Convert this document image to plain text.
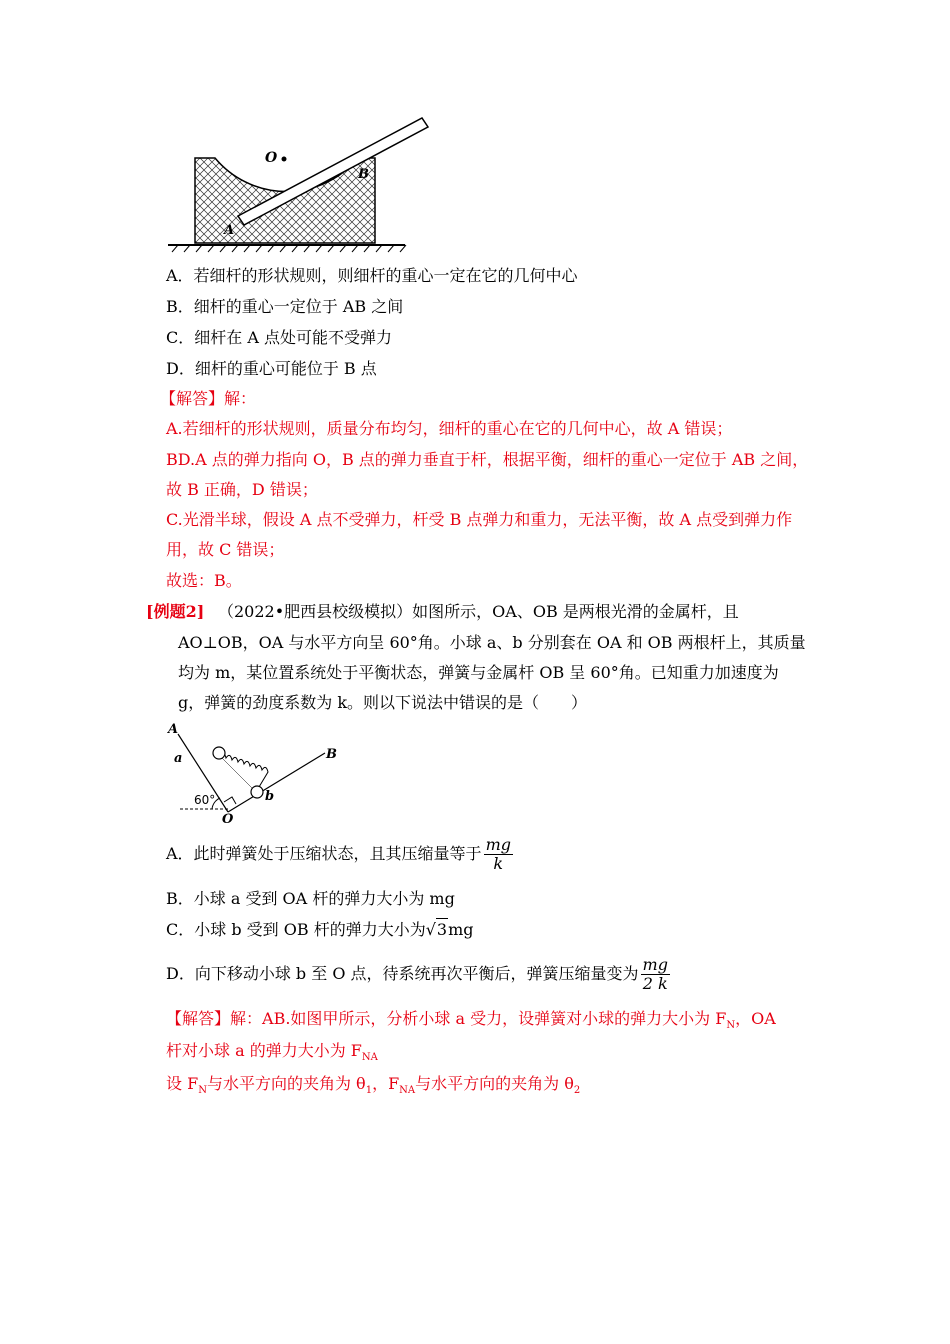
O
A
B
A．若细杆的形状规则，则细杆的重心一定在它的几何中心
B．细杆的重心一定位于 AB 之间
C．细杆在 A 点处可能不受弹力
D．细杆的重心可能位于 B 点
【解答】解：
A.若细杆的形状规则，质量分布均匀，细杆的重心在它的几何中心，故 A 错误；
BD.A 点的弹力指向 O，B 点的弹力垂直于杆，根据平衡，细杆的重心一定位于 AB 之间，
故 B 正确，D 错误；
C.光滑半球，假设 A 点不受弹力，杆受 B 点弹力和重力，无法平衡，故 A 点受到弹力作
用，故 C 错误；
故选：B。
[例题2] （2022•肥西县校级模拟）如图所示，OA、OB 是两根光滑的金属杆，且
AO⊥OB，OA 与水平方向呈 60°角。小球 a、b 分别套在 OA 和 OB 两根杆上，其质量
均为 m，某位置系统处于平衡状态，弹簧与金属杆 OB 呈 60°角。已知重力加速度为
g，弹簧的劲度系数为 k。则以下说法中错误的是（　　）
A
a	B
b
O
60°
A．此时弹簧处于压缩状态，且其压缩量等于 $\frac{mg}{k}$
B．小球 a 受到 OA 杆的弹力大小为 mg
C．小球 b 受到 OB 杆的弹力大小为 √ 3 mg
D．向下移动小球 b 至 O 点，待系统再次平衡后，弹簧压缩量变为 $\frac{mg}{2 k}$
【解答】解：AB.如图甲所示，分析小球 a 受力，设弹簧对小球的弹力大小为 $F_N$，OA
杆对小球 a 的弹力大小为 $F_{NA}$
设 $F_N$与水平方向的夹角为 $\theta_1$，$F_{NA}$与水平方向的夹角为 $\theta_2$
